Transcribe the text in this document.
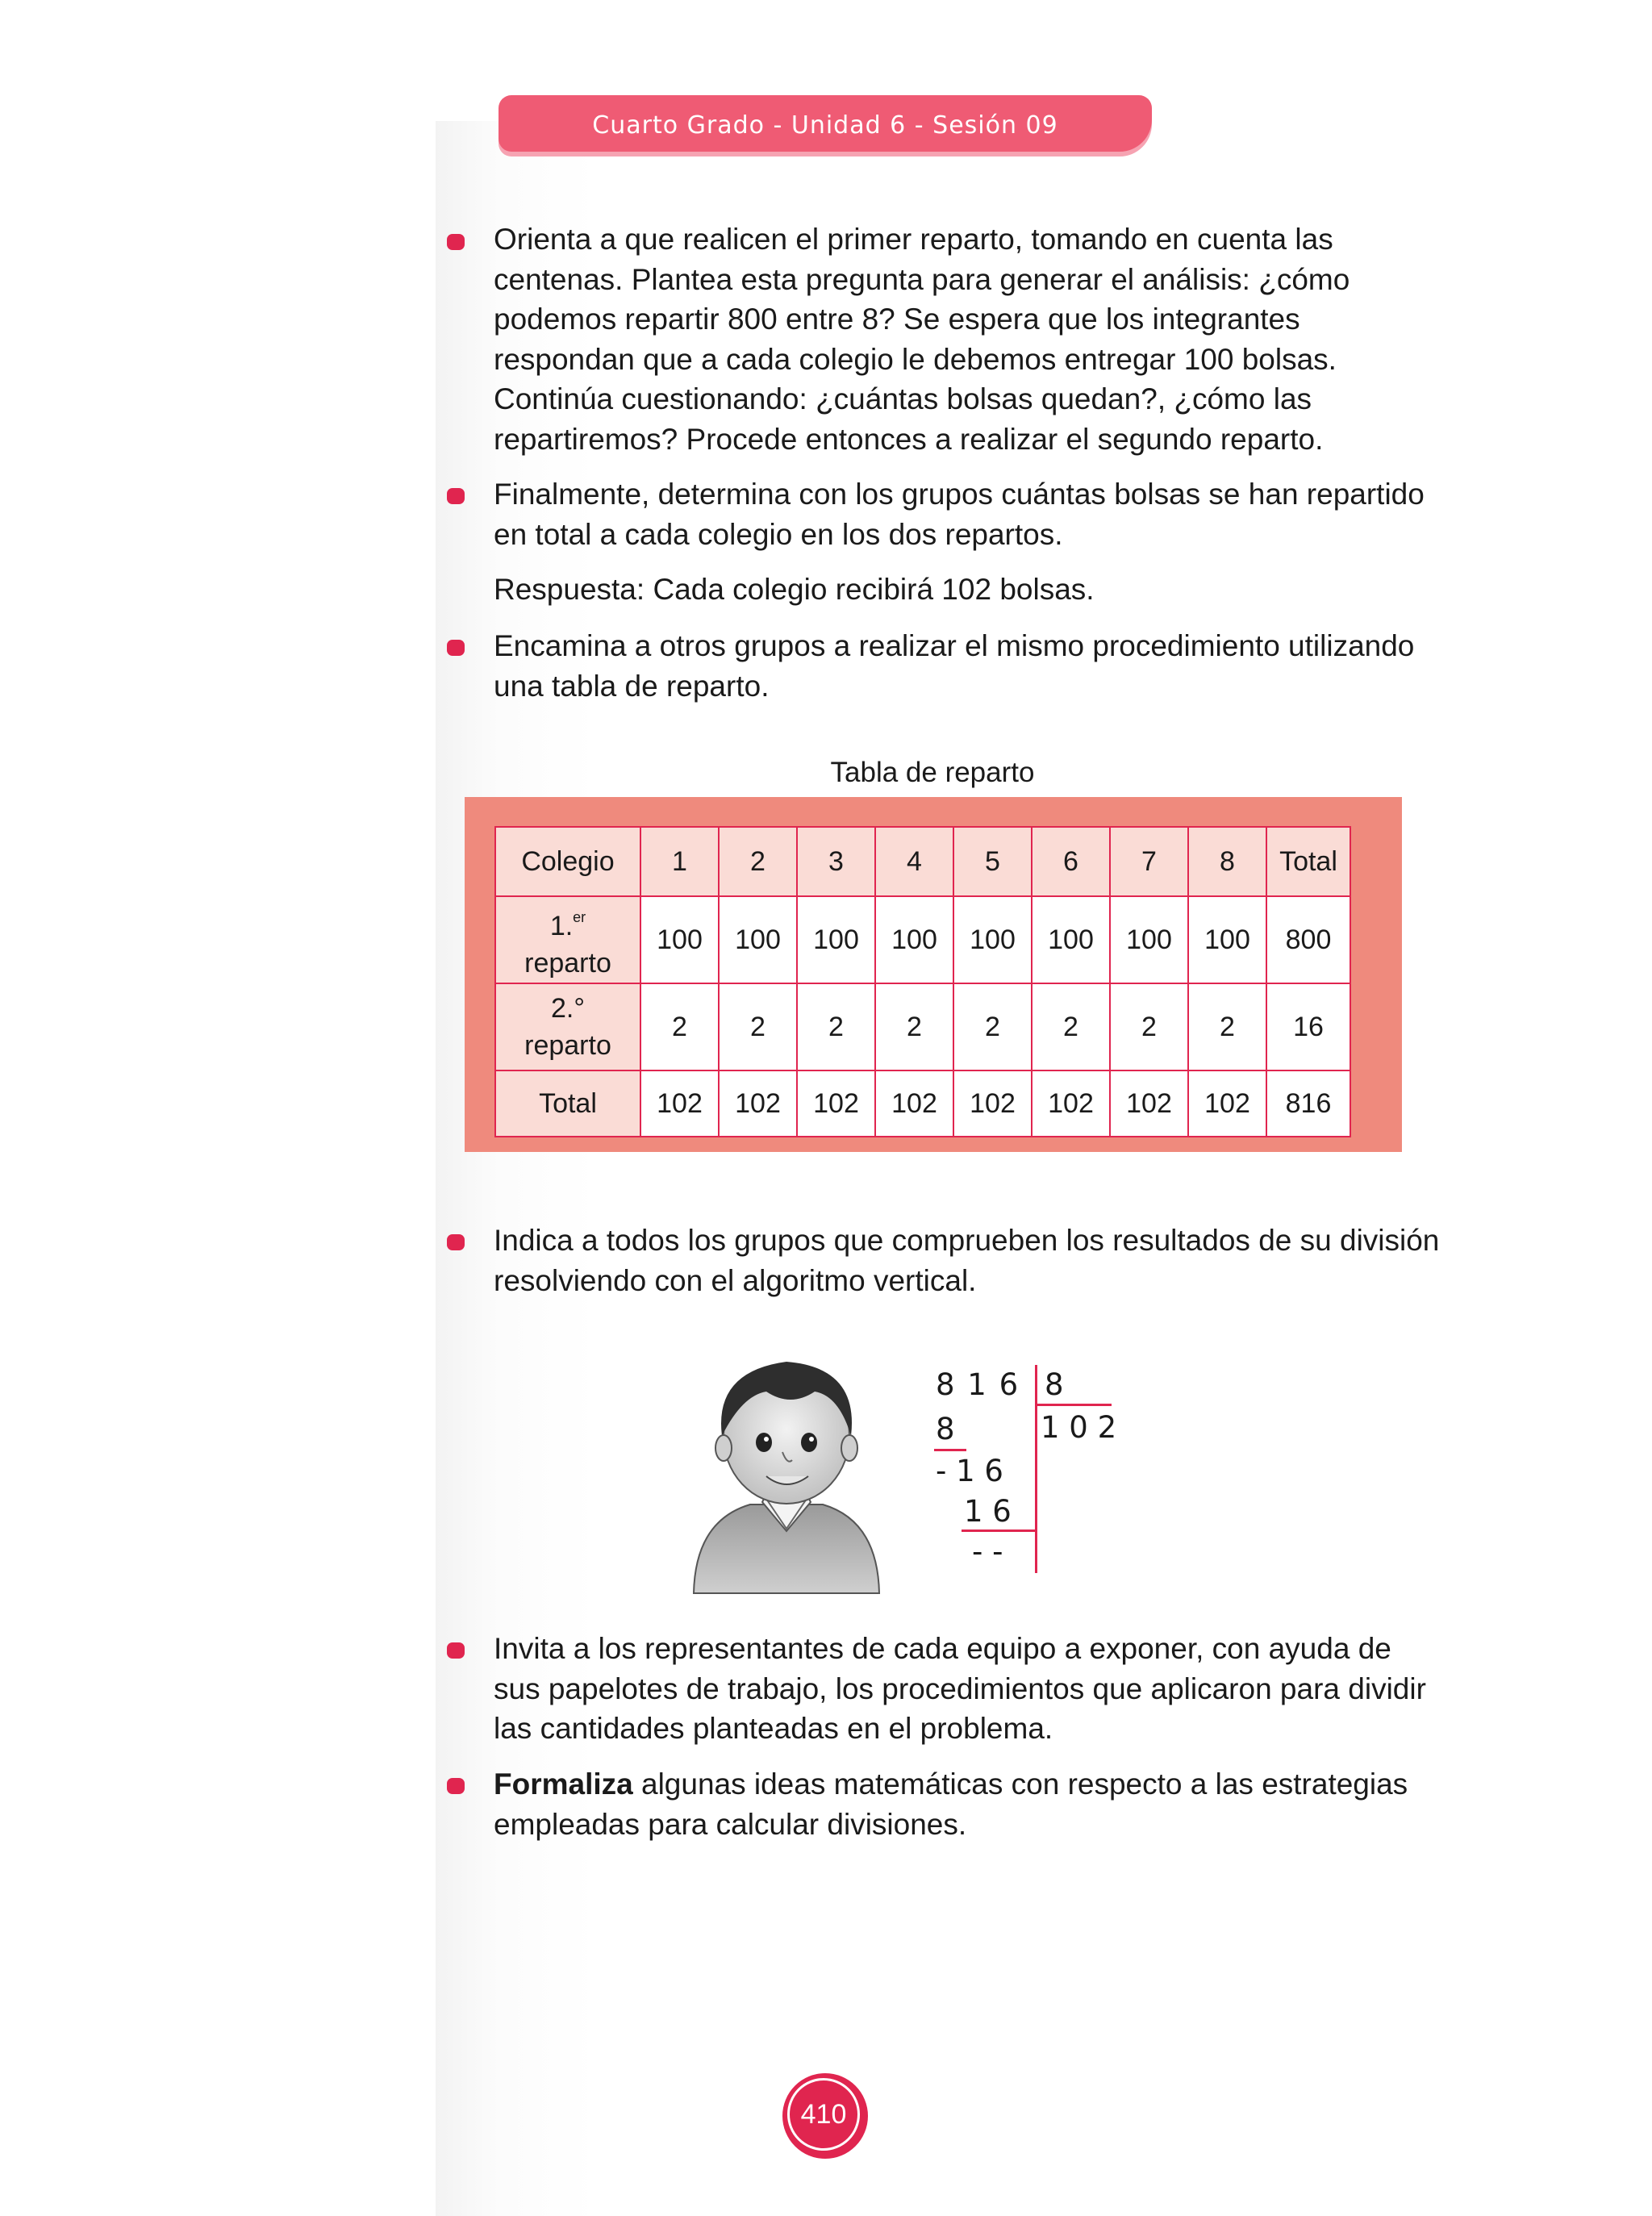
Cuarto Grado - Unidad 6 - Sesión 09
Orienta a que realicen el primer reparto, tomando en cuenta las centenas. Plantea esta pregunta para generar el análisis: ¿cómo podemos repartir 800 entre 8? Se espera que los integrantes respondan que a cada colegio le debemos entregar 100 bolsas. Continúa cuestionando: ¿cuántas bolsas quedan?, ¿cómo las repartiremos? Procede entonces a realizar el segundo reparto.
Finalmente, determina con los grupos cuántas bolsas se han repartido en total a cada colegio en los dos repartos.
Respuesta: Cada colegio recibirá 102 bolsas.
Encamina a otros grupos a realizar el mismo procedimiento utilizando una tabla de reparto.
Tabla de reparto
Colegio	1	2	3	4	5	6	7	8	Total
1.$^{er}$
reparto	100	100	100	100	100	100	100	100	800
2.°
reparto	2	2	2	2	2	2	2	2	16
Total	102	102	102	102	102	102	102	102	816
Indica a todos los grupos que comprueben los resultados de su división resolviendo con el algoritmo vertical.
8 1 6 8
1 0 2
8
- 1 6
1 6
- -
Invita a los representantes de cada equipo a exponer, con ayuda de sus papelotes de trabajo, los procedimientos que aplicaron para dividir las cantidades planteadas en el problema.
Formaliza algunas ideas matemáticas con respecto a las estrategias empleadas para calcular divisiones.
410
